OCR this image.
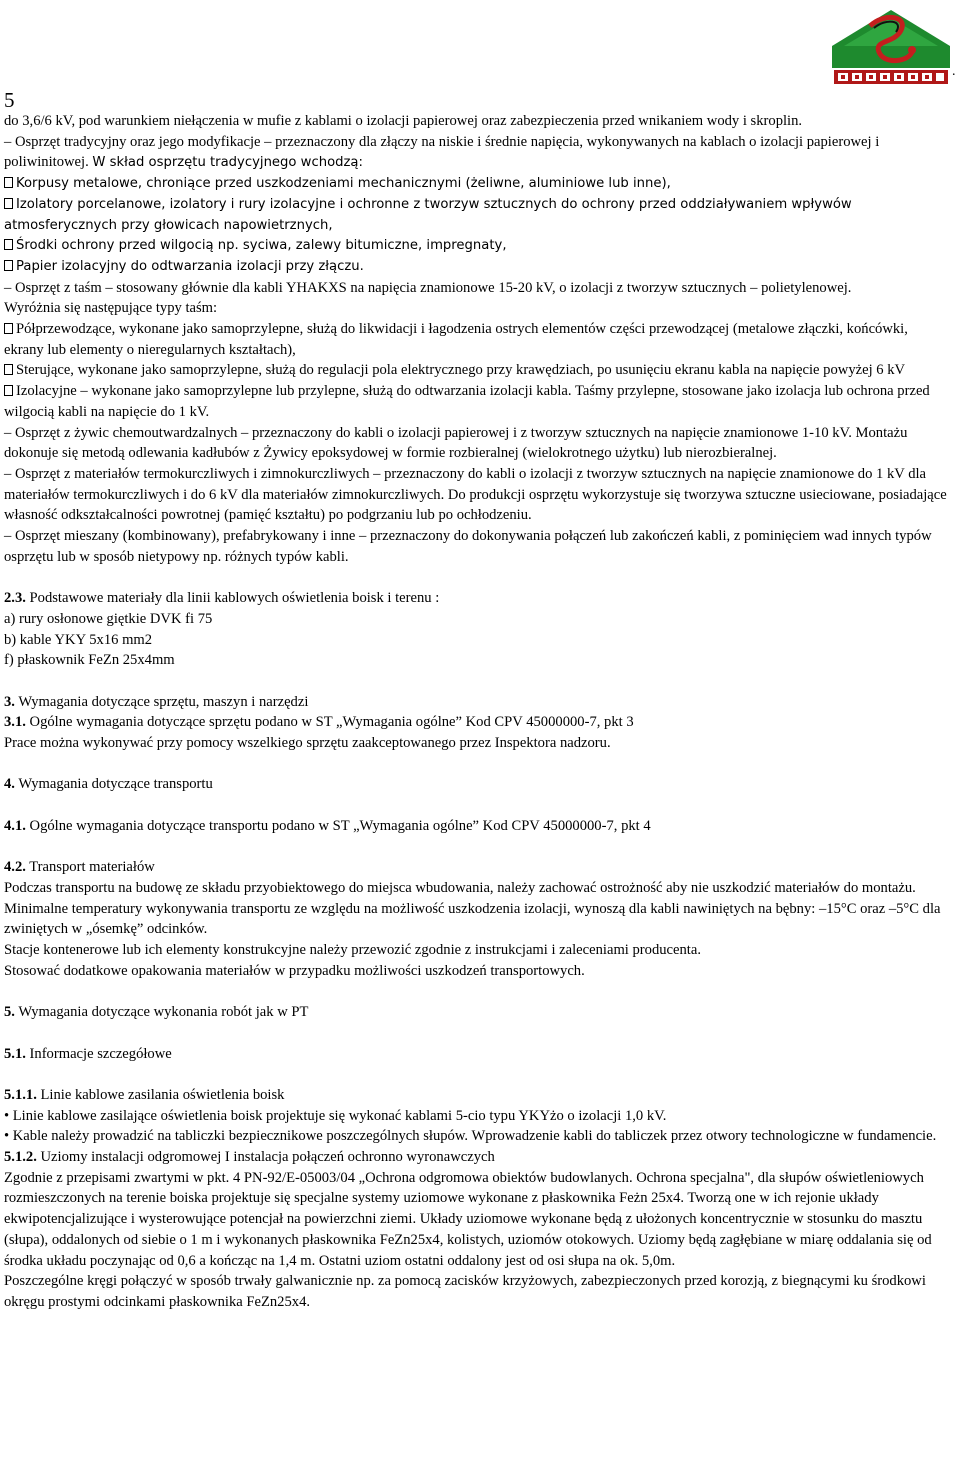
.
5

do 3,6/6 kV, pod warunkiem niełączenia w mufie z kablami o izolacji papierowej oraz zabezpieczenia przed wnikaniem wody i skroplin.

– Osprzęt tradycyjny oraz jego modyfikacje – przeznaczony dla złączy na niskie i średnie napięcia, wykonywanych na kablach o izolacji papierowej i poliwinitowej. W skład osprzętu tradycyjnego wchodzą:

Korpusy metalowe, chroniące przed uszkodzeniami mechanicznymi (żeliwne, aluminiowe lub inne),

Izolatory porcelanowe, izolatory i rury izolacyjne i ochronne z tworzyw sztucznych do ochrony przed oddziaływaniem wpływów atmosferycznych przy głowicach napowietrznych,

Środki ochrony przed wilgocią np. syciwa, zalewy bitumiczne, impregnaty,

Papier izolacyjny do odtwarzania izolacji przy złączu.

– Osprzęt z taśm – stosowany głównie dla kabli YHAKXS na napięcia znamionowe 15-20 kV, o izolacji z tworzyw sztucznych – polietylenowej.

Wyróżnia się następujące typy taśm:

Półprzewodzące, wykonane jako samoprzylepne, służą do likwidacji i łagodzenia ostrych elementów części przewodzącej (metalowe złączki, końcówki, ekrany lub elementy o nieregularnych kształtach),

Sterujące, wykonane jako samoprzylepne, służą do regulacji pola elektrycznego przy krawędziach, po usunięciu ekranu kabla na napięcie powyżej 6 kV

Izolacyjne – wykonane jako samoprzylepne lub przylepne, służą do odtwarzania izolacji kabla. Taśmy przylepne, stosowane jako izolacja lub ochrona przed wilgocią kabli na napięcie do 1 kV.

– Osprzęt z żywic chemoutwardzalnych – przeznaczony do kabli o izolacji papierowej i z tworzyw sztucznych na napięcie znamionowe 1-10 kV. Montażu dokonuje się metodą odlewania kadłubów z Żywicy epoksydowej w formie rozbieralnej (wielokrotnego użytku) lub nierozbieralnej.

– Osprzęt z materiałów termokurczliwych i zimnokurczliwych – przeznaczony do kabli o izolacji z tworzyw sztucznych na napięcie znamionowe do 1 kV dla materiałów termokurczliwych i do 6 kV dla materiałów zimnokurczliwych. Do produkcji osprzętu wykorzystuje się tworzywa sztuczne usieciowane, posiadające własność odkształcalności powrotnej (pamięć kształtu) po podgrzaniu lub po ochłodzeniu.

– Osprzęt mieszany (kombinowany), prefabrykowany i inne – przeznaczony do dokonywania połączeń lub zakończeń kabli, z pominięciem wad innych typów osprzętu lub w sposób nietypowy np. różnych typów kabli.

2.3. Podstawowe materiały dla linii kablowych oświetlenia boisk i terenu :

a) rury osłonowe giętkie DVK fi 75

b) kable YKY 5x16 mm2

f) płaskownik FeZn 25x4mm

3. Wymagania dotyczące sprzętu, maszyn i narzędzi

3.1. Ogólne wymagania dotyczące sprzętu podano w ST „Wymagania ogólne” Kod CPV 45000000-7, pkt 3

Prace można wykonywać przy pomocy wszelkiego sprzętu zaakceptowanego przez Inspektora nadzoru.

4. Wymagania dotyczące transportu

4.1. Ogólne wymagania dotyczące transportu podano w ST „Wymagania ogólne” Kod CPV 45000000-7, pkt 4

4.2. Transport materiałów

Podczas transportu na budowę ze składu przyobiektowego do miejsca wbudowania, należy zachować ostrożność aby nie uszkodzić materiałów do montażu.

Minimalne temperatury wykonywania transportu ze względu na możliwość uszkodzenia izolacji, wynoszą dla kabli nawiniętych na bębny: –15°C oraz –5°C dla zwiniętych w „ósemkę” odcinków.

Stacje kontenerowe lub ich elementy konstrukcyjne należy przewozić zgodnie z instrukcjami i zaleceniami producenta.

Stosować dodatkowe opakowania materiałów w przypadku możliwości uszkodzeń transportowych.

5. Wymagania dotyczące wykonania robót jak w PT

5.1. Informacje szczegółowe

5.1.1. Linie kablowe zasilania oświetlenia boisk

• Linie kablowe zasilające oświetlenia boisk projektuje się wykonać kablami 5-cio typu YKYżo o izolacji 1,0 kV.

• Kable należy prowadzić na tabliczki bezpiecznikowe poszczególnych słupów. Wprowadzenie kabli do tabliczek przez otwory technologiczne w fundamencie.

5.1.2. Uziomy instalacji odgromowej I instalacja połączeń ochronno wyronawczych

Zgodnie z przepisami zwartymi w pkt. 4 PN-92/E-05003/04 „Ochrona odgromowa obiektów budowlanych. Ochrona specjalna", dla słupów oświetleniowych rozmieszczonych na terenie boiska projektuje się specjalne systemy uziomowe wykonane z płaskownika Feżn 25x4. Tworzą one w ich rejonie układy ekwipotencjalizujące i wysterowujące potencjał na powierzchni ziemi. Układy uziomowe wykonane będą z ułożonych koncentrycznie w stosunku do masztu (słupa), oddalonych od siebie o 1 m i wykonanych płaskownika FeZn25x4, kolistych, uziomów otokowych. Uziomy będą zagłębiane w miarę oddalania się od środka układu poczynając od 0,6 a kończąc na 1,4 m. Ostatni uziom ostatni oddalony jest od osi słupa na ok. 5,0m.

Poszczególne kręgi połączyć w sposób trwały galwanicznie np. za pomocą zacisków krzyżowych, zabezpieczonych przed korozją, z biegnącymi ku środkowi okręgu prostymi odcinkami płaskownika FeZn25x4.
